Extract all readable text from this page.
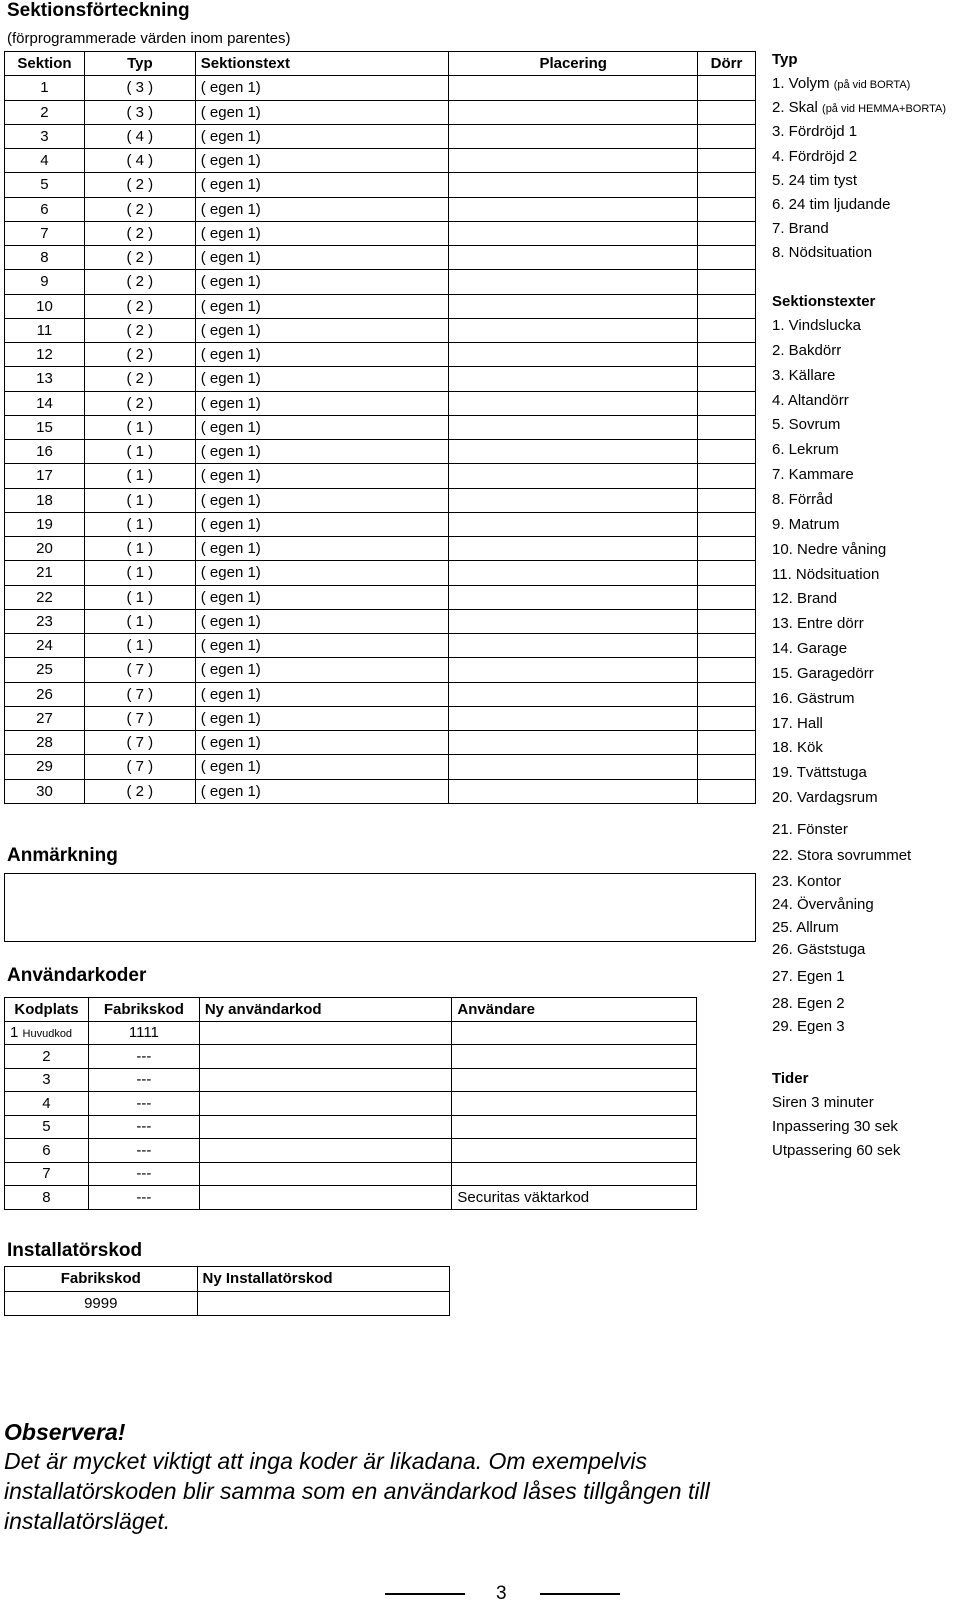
Sektionsförteckning
(förprogrammerade värden inom parentes)
Sektion	Typ	Sektionstext	Placering	Dörr
1	( 3 )	( egen 1)		
2	( 3 )	( egen 1)		
3	( 4 )	( egen 1)		
4	( 4 )	( egen 1)		
5	( 2 )	( egen 1)		
6	( 2 )	( egen 1)		
7	( 2 )	( egen 1)		
8	( 2 )	( egen 1)		
9	( 2 )	( egen 1)		
10	( 2 )	( egen 1)		
11	( 2 )	( egen 1)		
12	( 2 )	( egen 1)		
13	( 2 )	( egen 1)		
14	( 2 )	( egen 1)		
15	( 1 )	( egen 1)		
16	( 1 )	( egen 1)		
17	( 1 )	( egen 1)		
18	( 1 )	( egen 1)		
19	( 1 )	( egen 1)		
20	( 1 )	( egen 1)		
21	( 1 )	( egen 1)		
22	( 1 )	( egen 1)		
23	( 1 )	( egen 1)		
24	( 1 )	( egen 1)		
25	( 7 )	( egen 1)		
26	( 7 )	( egen 1)		
27	( 7 )	( egen 1)		
28	( 7 )	( egen 1)		
29	( 7 )	( egen 1)		
30	( 2 )	( egen 1)		
Typ
1. Volym (på vid BORTA)
2. Skal (på vid HEMMA+BORTA)
3. Fördröjd 1
4. Fördröjd 2
5. 24 tim tyst
6. 24 tim ljudande
7. Brand
8. Nödsituation
Sektionstexter
1. Vindslucka
2. Bakdörr
3. Källare
4. Altandörr
5. Sovrum
6. Lekrum
7. Kammare
8. Förråd
9. Matrum
10. Nedre våning
11. Nödsituation
12. Brand
13. Entre dörr
14. Garage
15. Garagedörr
16. Gästrum
17. Hall
18. Kök
19. Tvättstuga
20. Vardagsrum
21. Fönster
22. Stora sovrummet
23. Kontor
24. Övervåning
25. Allrum
26. Gäststuga
27. Egen 1
28. Egen 2
29. Egen 3
Anmärkning
Användarkoder
Kodplats	Fabrikskod	Ny användarkod	Användare
1 Huvudkod	1111		
2	---		
3	---		
4	---		
5	---		
6	---		
7	---		
8	---		Securitas väktarkod
Tider
Siren 3 minuter
Inpassering 30 sek
Utpassering 60 sek
Installatörskod
Fabrikskod	Ny Installatörskod
9999	
Observera!
Det är mycket viktigt att inga koder är likadana. Om exempelvis
installatörskoden blir samma som en användarkod låses tillgången till
installatörsläget.
3
